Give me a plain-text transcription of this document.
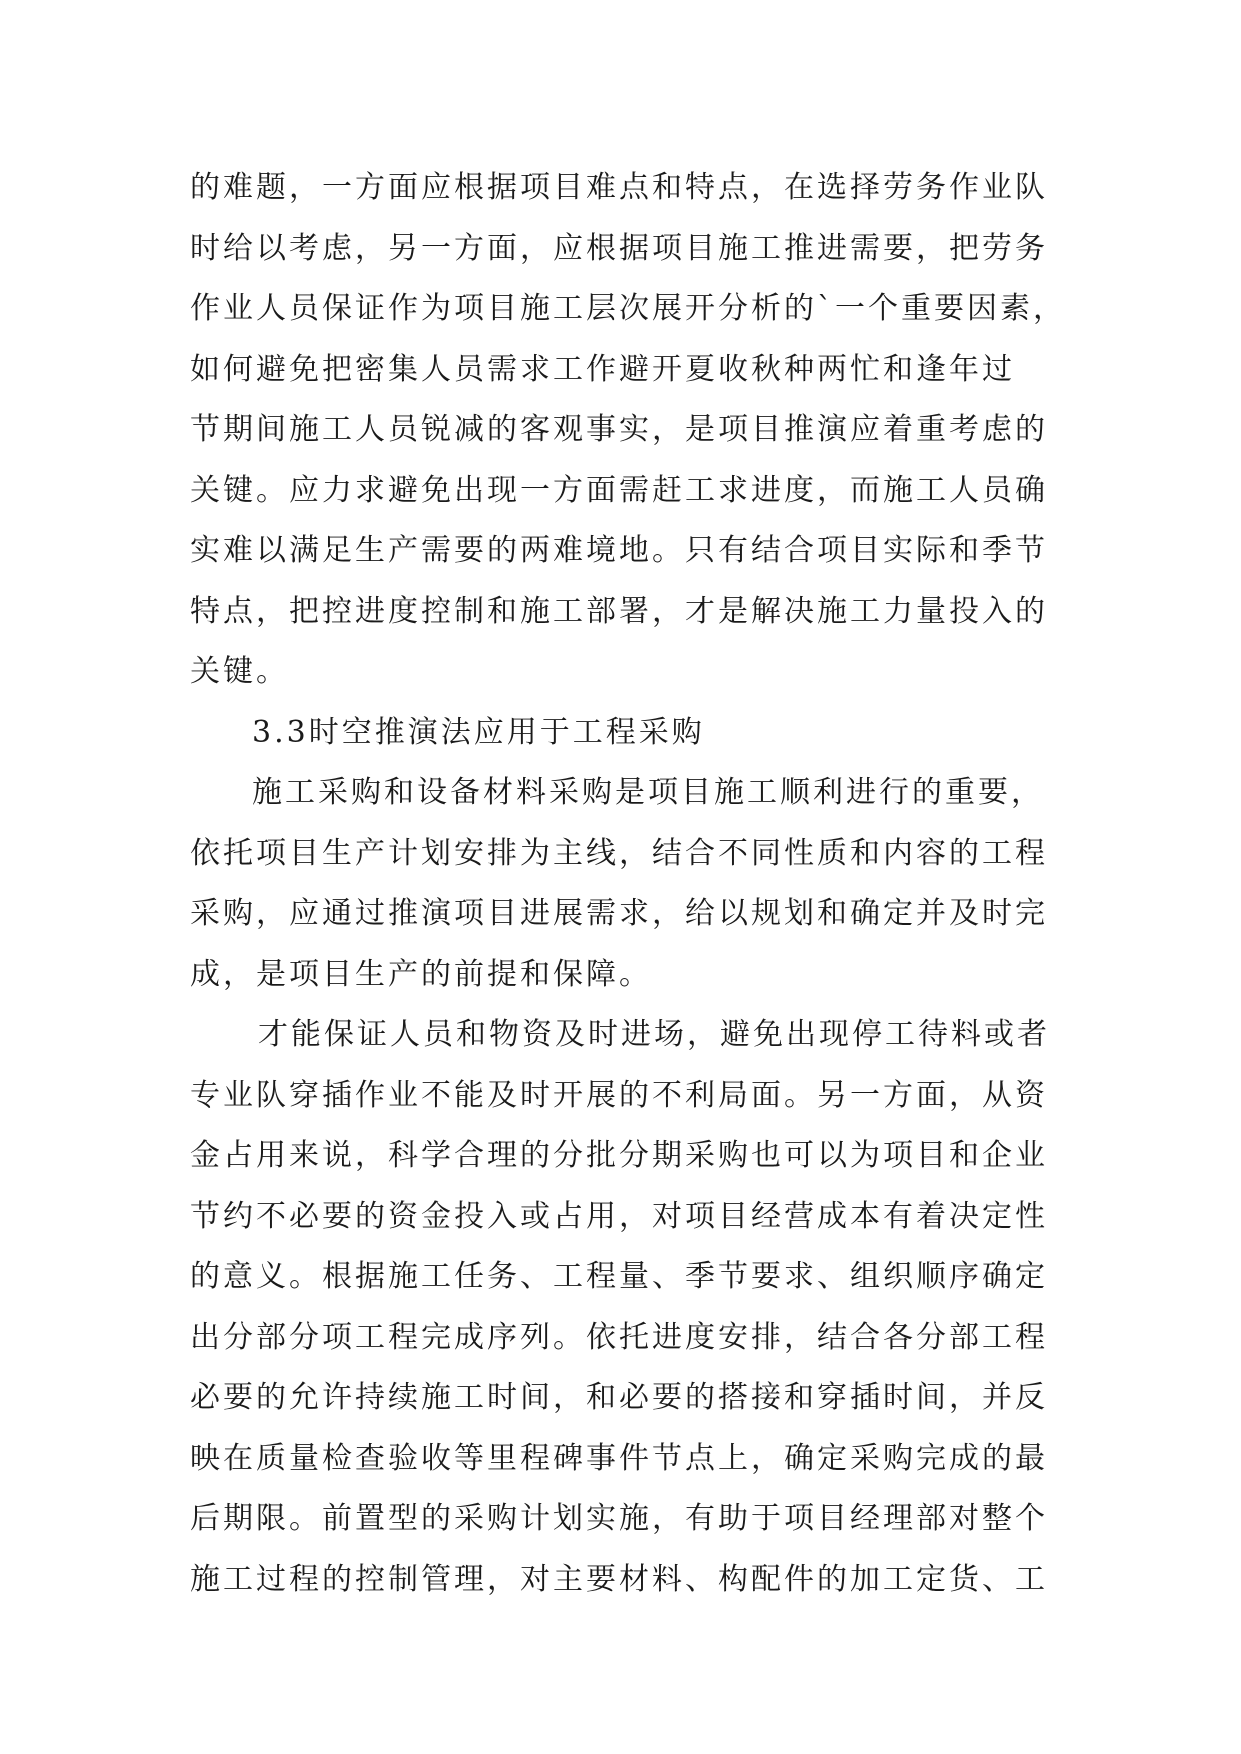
的难题，一方面应根据项目难点和特点，在选择劳务作业队
时给以考虑，另一方面，应根据项目施工推进需要，把劳务
作业人员保证作为项目施工层次展开分析的`一个重要因素，
如何避免把密集人员需求工作避开夏收秋种两忙和逢年过
节期间施工人员锐减的客观事实，是项目推演应着重考虑的
关键。应力求避免出现一方面需赶工求进度，而施工人员确
实难以满足生产需要的两难境地。只有结合项目实际和季节
特点，把控进度控制和施工部署，才是解决施工力量投入的
关键。
3.3时空推演法应用于工程采购
施工采购和设备材料采购是项目施工顺利进行的重要，
依托项目生产计划安排为主线，结合不同性质和内容的工程
采购，应通过推演项目进展需求，给以规划和确定并及时完
成，是项目生产的前提和保障。
才能保证人员和物资及时进场，避免出现停工待料或者
专业队穿插作业不能及时开展的不利局面。另一方面，从资
金占用来说，科学合理的分批分期采购也可以为项目和企业
节约不必要的资金投入或占用，对项目经营成本有着决定性
的意义。根据施工任务、工程量、季节要求、组织顺序确定
出分部分项工程完成序列。依托进度安排，结合各分部工程
必要的允许持续施工时间，和必要的搭接和穿插时间，并反
映在质量检查验收等里程碑事件节点上，确定采购完成的最
后期限。前置型的采购计划实施，有助于项目经理部对整个
施工过程的控制管理，对主要材料、构配件的加工定货、工
